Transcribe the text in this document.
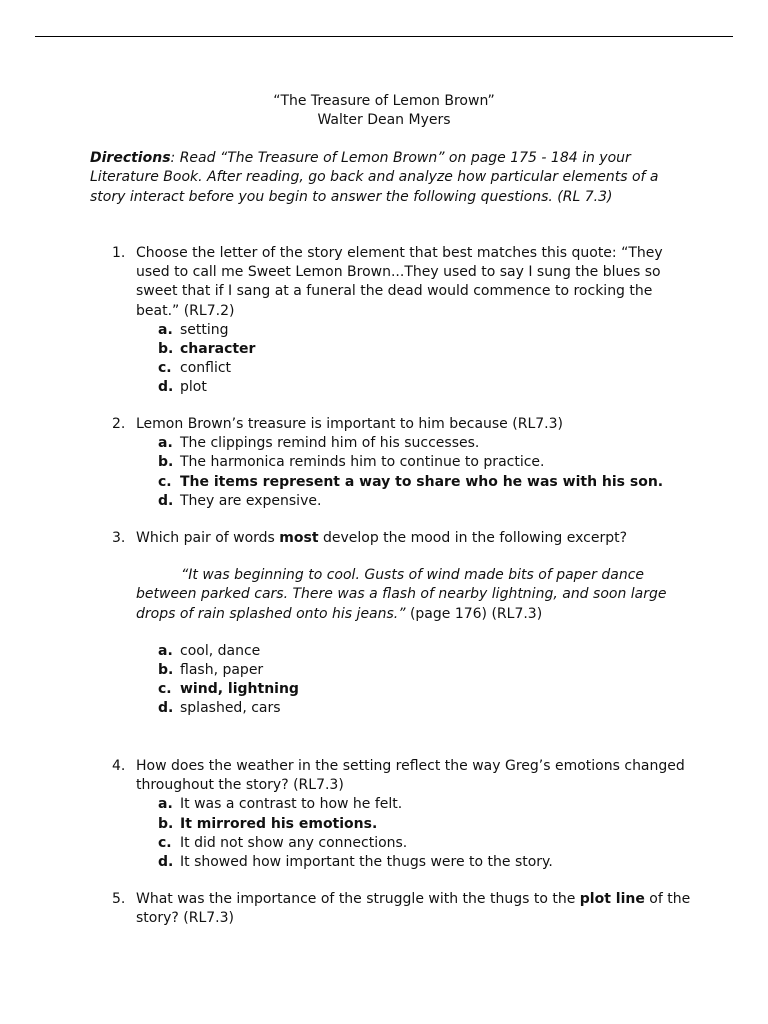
“The Treasure of Lemon Brown”
Walter Dean Myers
Directions: Read “The Treasure of Lemon Brown” on page 175 - 184 in your Literature Book. After reading, go back and analyze how particular elements of a story interact before you begin to answer the following questions. (RL 7.3)
1. Choose the letter of the story element that best matches this quote: “They used to call me Sweet Lemon Brown...They used to say I sung the blues so sweet that if I sang at a funeral the dead would commence to rocking the beat.” (RL7.2)
a. setting
b. character
c. conflict
d. plot
2. Lemon Brown’s treasure is important to him because (RL7.3)
a. The clippings remind him of his successes.
b. The harmonica reminds him to continue to practice.
c. The items represent a way to share who he was with his son.
d. They are expensive.
3. Which pair of words most develop the mood in the following excerpt?
“It was beginning to cool. Gusts of wind made bits of paper dance between parked cars. There was a flash of nearby lightning, and soon large drops of rain splashed onto his jeans.” (page 176) (RL7.3)
a. cool, dance
b. flash, paper
c. wind, lightning
d. splashed, cars
4. How does the weather in the setting reflect the way Greg’s emotions changed throughout the story? (RL7.3)
a. It was a contrast to how he felt.
b. It mirrored his emotions.
c. It did not show any connections.
d. It showed how important the thugs were to the story.
5. What was the importance of the struggle with the thugs to the plot line of the story? (RL7.3)
